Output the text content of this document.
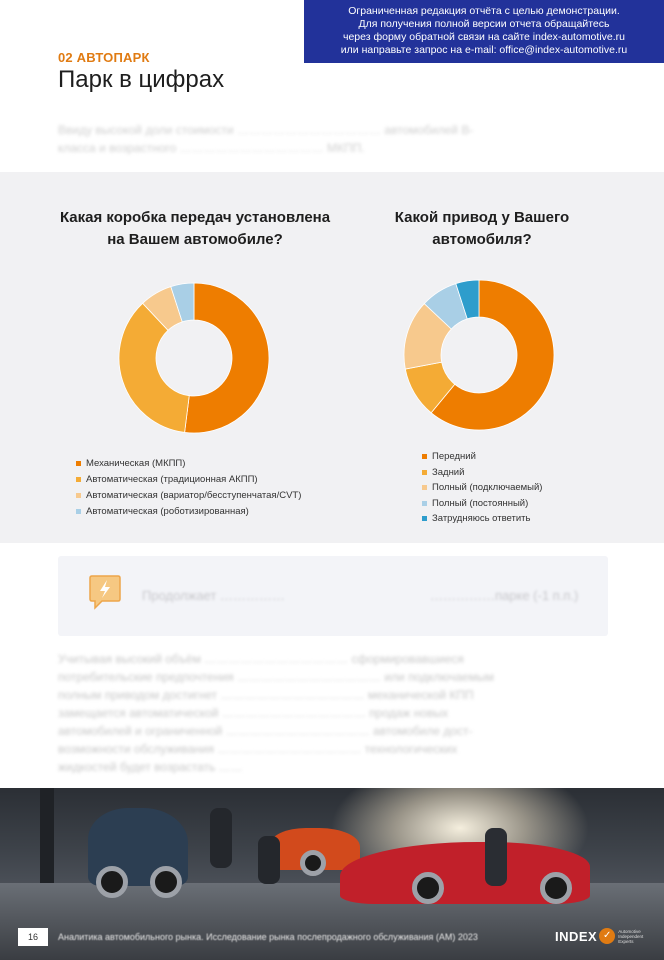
Ограниченная редакция отчёта с целью демонстрации.
Для получения полной версии отчета обращайтесь
через форму обратной связи на сайте index-automotive.ru
или направьте запрос на e-mail: office@index-automotive.ru
02 АВТОПАРК
Парк в цифрах
Ввиду высокой доли стоимости ……………………………… автомобилей B-
класса и возрастного ……………………………… МКПП.
Какая коробка передач установлена
на Вашем автомобиле?
Какой привод у Вашего
автомобиля?
Механическая (МКПП)
Автоматическая (традиционная АКПП)
Автоматическая (вариатор/бесступенчатая/CVT)
Автоматическая (роботизированная)
Передний
Задний
Полный (подключаемый)
Полный (постоянный)
Затрудняюсь ответить
Продолжает ……………	……………парке (-1 п.п.)
Учитывая высокий объём ……………………………… сформировавшиеся
потребительские предпочтения ……………………………… или подключаемым
полным приводом достигнет ……………………………… механической КПП
замещается автоматической ……………………………… продаж новых
автомобилей и ограниченной ……………………………… автомобиле дост-
возможности обслуживания ……………………………… технологических
жидкостей будет возрастать ……
16	Аналитика автомобильного рынка. Исследование рынка послепродажного обслуживания (АМ) 2023	INDEX ✓	Automotive
Independent
Experts
